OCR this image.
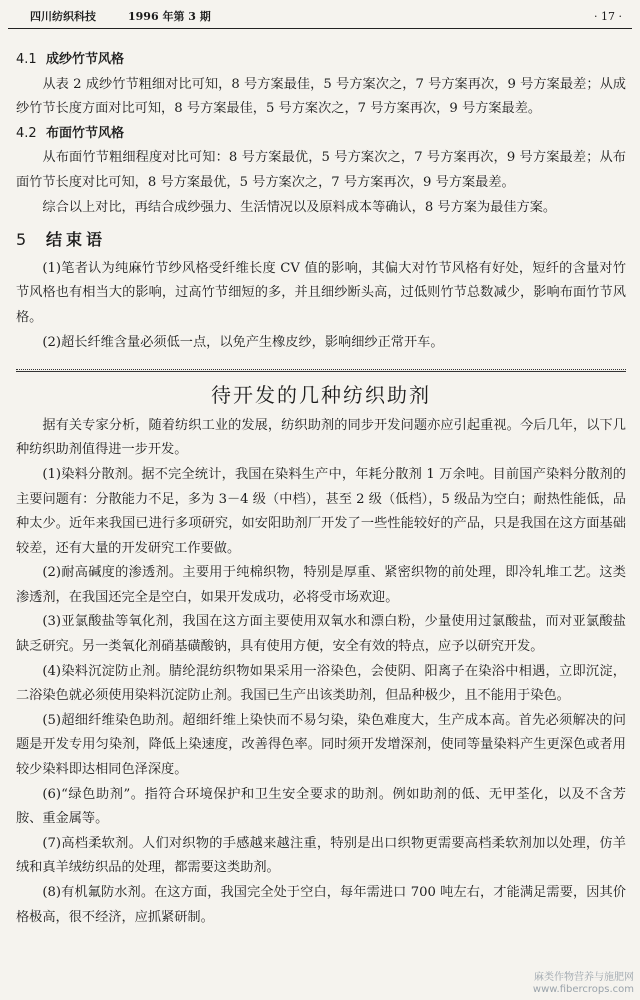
四川纺织科技	1996 年第 3 期	· 17 ·
4.1 成纱竹节风格

从表 2 成纱竹节粗细对比可知，8 号方案最佳，5 号方案次之，7 号方案再次，9 号方案最差；从成纱竹节长度方面对比可知，8 号方案最佳，5 号方案次之，7 号方案再次，9 号方案最差。

4.2 布面竹节风格

从布面竹节粗细程度对比可知：8 号方案最优，5 号方案次之，7 号方案再次，9 号方案最差；从布面竹节长度对比可知，8 号方案最优，5 号方案次之，7 号方案再次，9 号方案最差。

综合以上对比，再结合成纱强力、生活情况以及原料成本等确认，8 号方案为最佳方案。

5 结束语

(1)笔者认为纯麻竹节纱风格受纤维长度 CV 值的影响，其偏大对竹节风格有好处，短纤的含量对竹节风格也有相当大的影响，过高竹节细短的多，并且细纱断头高，过低则竹节总数减少，影响布面竹节风格。

(2)超长纤维含量必须低一点，以免产生橡皮纱，影响细纱正常开车。

待开发的几种纺织助剂

据有关专家分析，随着纺织工业的发展，纺织助剂的同步开发问题亦应引起重视。今后几年，以下几种纺织助剂值得进一步开发。

(1)染料分散剂。据不完全统计，我国在染料生产中，年耗分散剂 1 万余吨。目前国产染料分散剂的主要问题有：分散能力不足，多为 3－4 级（中档），甚至 2 级（低档），5 级品为空白；耐热性能低，品种太少。近年来我国已进行多项研究，如安阳助剂厂开发了一些性能较好的产品，只是我国在这方面基础较差，还有大量的开发研究工作要做。

(2)耐高碱度的渗透剂。主要用于纯棉织物，特别是厚重、紧密织物的前处理，即冷轧堆工艺。这类渗透剂，在我国还完全是空白，如果开发成功，必将受市场欢迎。

(3)亚氯酸盐等氧化剂，我国在这方面主要使用双氧水和漂白粉，少量使用过氯酸盐，而对亚氯酸盐缺乏研究。另一类氧化剂硝基磺酸钠，具有使用方便，安全有效的特点，应予以研究开发。

(4)染料沉淀防止剂。腈纶混纺织物如果采用一浴染色，会使阴、阳离子在染浴中相遇，立即沉淀，二浴染色就必须使用染料沉淀防止剂。我国已生产出该类助剂，但品种极少，且不能用于染色。

(5)超细纤维染色助剂。超细纤维上染快而不易匀染，染色难度大，生产成本高。首先必须解决的问题是开发专用匀染剂，降低上染速度，改善得色率。同时须开发增深剂，使同等量染料产生更深色或者用较少染料即达相同色泽深度。

(6)“绿色助剂”。指符合环境保护和卫生安全要求的助剂。例如助剂的低、无甲荃化，以及不含芳胺、重金属等。

(7)高档柔软剂。人们对织物的手感越来越注重，特别是出口织物更需要高档柔软剂加以处理，仿羊绒和真羊绒纺织品的处理，都需要这类助剂。

(8)有机氟防水剂。在这方面，我国完全处于空白，每年需进口 700 吨左右，才能满足需要，因其价格极高，很不经济，应抓紧研制。

麻类作物营养与施肥网
www.fibercrops.com
